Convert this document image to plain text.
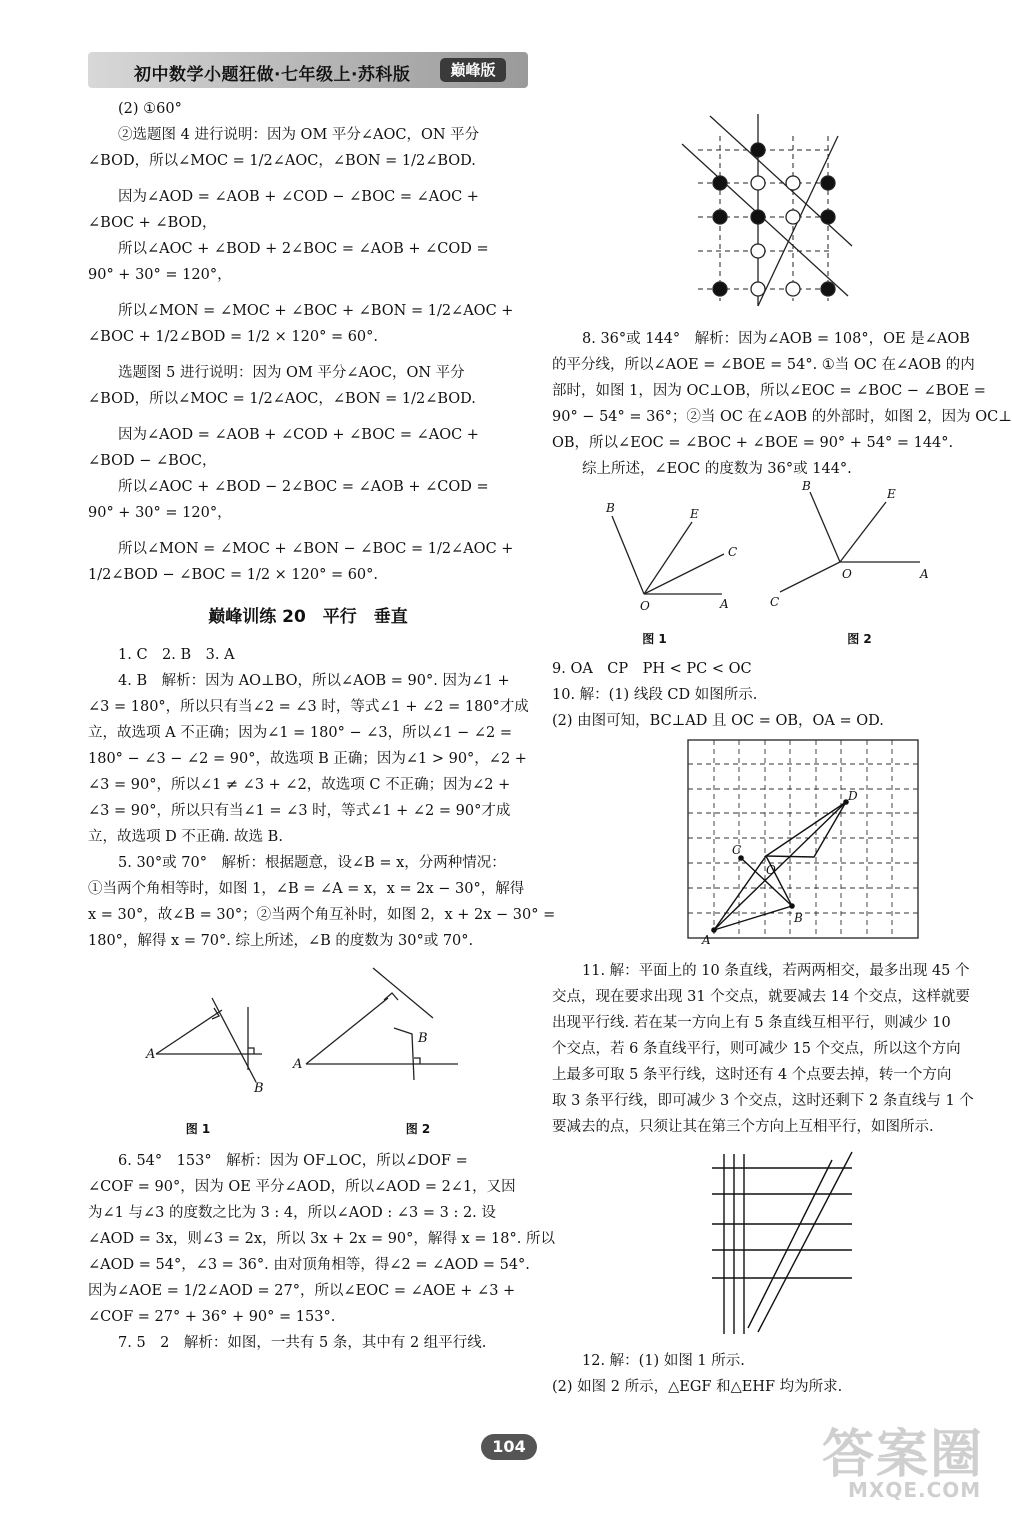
初中数学小题狂做·七年级上·苏科版	巅峰版

(2) ①60°

②选题图 4 进行说明：因为 OM 平分∠AOC，ON 平分

∠BOD，所以∠MOC = 1/2∠AOC，∠BON = 1/2∠BOD.

因为∠AOD = ∠AOB + ∠COD − ∠BOC = ∠AOC +

∠BOC + ∠BOD，

所以∠AOC + ∠BOD + 2∠BOC = ∠AOB + ∠COD =

90° + 30° = 120°，

所以∠MON = ∠MOC + ∠BOC + ∠BON = 1/2∠AOC +

∠BOC + 1/2∠BOD = 1/2 × 120° = 60°.

选题图 5 进行说明：因为 OM 平分∠AOC，ON 平分

∠BOD，所以∠MOC = 1/2∠AOC，∠BON = 1/2∠BOD.

因为∠AOD = ∠AOB + ∠COD + ∠BOC = ∠AOC +

∠BOD − ∠BOC，

所以∠AOC + ∠BOD − 2∠BOC = ∠AOB + ∠COD =

90° + 30° = 120°，

所以∠MON = ∠MOC + ∠BON − ∠BOC = 1/2∠AOC +

1/2∠BOD − ∠BOC = 1/2 × 120° = 60°.

巅峰训练 20　平行　垂直

1. C　2. B　3. A

4. B　解析：因为 AO⊥BO，所以∠AOB = 90°. 因为∠1 +

∠3 = 180°，所以只有当∠2 = ∠3 时，等式∠1 + ∠2 = 180°才成

立，故选项 A 不正确；因为∠1 = 180° − ∠3，所以∠1 − ∠2 =

180° − ∠3 − ∠2 = 90°，故选项 B 正确；因为∠1 > 90°，∠2 +

∠3 = 90°，所以∠1 ≠ ∠3 + ∠2，故选项 C 不正确；因为∠2 +

∠3 = 90°，所以只有当∠1 = ∠3 时，等式∠1 + ∠2 = 90°才成

立，故选项 D 不正确. 故选 B.

5. 30°或 70°　解析：根据题意，设∠B = x，分两种情况：

①当两个角相等时，如图 1，∠B = ∠A = x，x = 2x − 30°，解得

x = 30°，故∠B = 30°；②当两个角互补时，如图 2，x + 2x − 30° =

180°，解得 x = 70°. 综上所述，∠B 的度数为 30°或 70°.

A
B
A
B
图 1	图 2

6. 54°　153°　解析：因为 OF⊥OC，所以∠DOF =

∠COF = 90°，因为 OE 平分∠AOD，所以∠AOD = 2∠1，又因

为∠1 与∠3 的度数之比为 3 : 4，所以∠AOD : ∠3 = 3 : 2. 设

∠AOD = 3x，则∠3 = 2x，所以 3x + 2x = 90°，解得 x = 18°. 所以

∠AOD = 54°，∠3 = 36°. 由对顶角相等，得∠2 = ∠AOD = 54°.

因为∠AOE = 1/2∠AOD = 27°，所以∠EOC = ∠AOE + ∠3 +

∠COF = 27° + 36° + 90° = 153°.

7. 5　2　解析：如图，一共有 5 条，其中有 2 组平行线.

8. 36°或 144°　解析：因为∠AOB = 108°，OE 是∠AOB

的平分线，所以∠AOE = ∠BOE = 54°. ①当 OC 在∠AOB 的内

部时，如图 1，因为 OC⊥OB，所以∠EOC = ∠BOC − ∠BOE =

90° − 54° = 36°；②当 OC 在∠AOB 的外部时，如图 2，因为 OC⊥

OB，所以∠EOC = ∠BOC + ∠BOE = 90° + 54° = 144°.

综上所述，∠EOC 的度数为 36°或 144°.

B	E
C
O	A
B
E
O	A
C
图 1	图 2

9. OA　CP　PH < PC < OC

10. 解：(1) 线段 CD 如图所示.

(2) 由图可知，BC⊥AD 且 OC = OB，OA = OD.

A
B
C
D
O

11. 解：平面上的 10 条直线，若两两相交，最多出现 45 个

交点，现在要求出现 31 个交点，就要减去 14 个交点，这样就要

出现平行线. 若在某一方向上有 5 条直线互相平行，则减少 10

个交点，若 6 条直线平行，则可减少 15 个交点，所以这个方向

上最多可取 5 条平行线，这时还有 4 个点要去掉，转一个方向

取 3 条平行线，即可减少 3 个交点，这时还剩下 2 条直线与 1 个

要减去的点，只须让其在第三个方向上互相平行，如图所示.

12. 解：(1) 如图 1 所示.

(2) 如图 2 所示，△EGF 和△EHF 均为所求.

104	答案圈
MXQE.COM
